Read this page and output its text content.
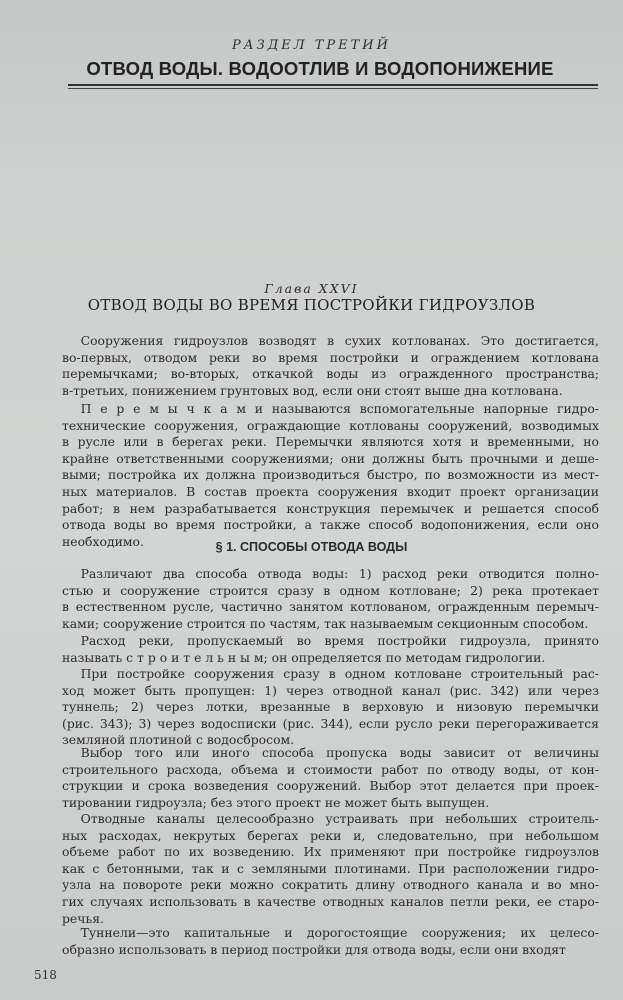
РАЗДЕЛ ТРЕТИЙ
ОТВОД ВОДЫ. ВОДООТЛИВ И ВОДОПОНИЖЕНИЕ
Глава XXVI
ОТВОД ВОДЫ ВО ВРЕМЯ ПОСТРОЙКИ ГИДРОУЗЛОВ
  Сооружения гидроузлов возводят в сухих котлованах. Это достигается,
во-первых, отводом реки во время постройки и ограждением котлована
перемычками; во-вторых, откачкой воды из огражденного пространства;
в-третьих, понижением грунтовых вод, если они стоят выше дна котлована.
  П е р е м ы ч к а м и называются вспомогательные напорные гидро-
технические сооружения, ограждающие котлованы сооружений, возводимых
в русле или в берегах реки. Перемычки являются хотя и временными, но
крайне ответственными сооружениями; они должны быть прочными и деше-
выми; постройка их должна производиться быстро, по возможности из мест-
ных материалов. В состав проекта сооружения входит проект организации
работ; в нем разрабатывается конструкция перемычек и решается способ
отвода воды во время постройки, а также способ водопонижения, если оно
необходимо.	§ 1. СПОСОБЫ ОТВОДА ВОДЫ
  Различают два способа отвода воды: 1) расход реки отводится полно-
стью и сооружение строится сразу в одном котловане; 2) река протекает
в естественном русле, частично занятом котлованом, огражденным перемыч-
ками; сооружение строится по частям, так называемым секционным способом.
  Расход реки, пропускаемый во время постройки гидроузла, принято
называть с т р о и т е л ь н ы м; он определяется по методам гидрологии.
  При постройке сооружения сразу в одном котловане строительный рас-
ход может быть пропущен: 1) через отводной канал (рис. 342) или через
туннель; 2) через лотки, врезанные в верховую и низовую перемычки
(рис. 343); 3) через водосписки (рис. 344), если русло реки перегораживается
земляной плотиной с водосбросом.
  Выбор того или иного способа пропуска воды зависит от величины
строительного расхода, объема и стоимости работ по отводу воды, от кон-
струкции и срока возведения сооружений. Выбор этот делается при проек-
тировании гидроузла; без этого проект не может быть выпущен.
  Отводные каналы целесообразно устраивать при небольших строитель-
ных расходах, некрутых берегах реки и, следовательно, при небольшом
объеме работ по их возведению. Их применяют при постройке гидроузлов
как с бетонными, так и с земляными плотинами. При расположении гидро-
узла на повороте реки можно сократить длину отводного канала и во мно-
гих случаях использовать в качестве отводных каналов петли реки, ее старо-
речья.
  Туннели—это капитальные и дорогостоящие сооружения; их целесо-
образно использовать в период постройки для отвода воды, если они входят
518
